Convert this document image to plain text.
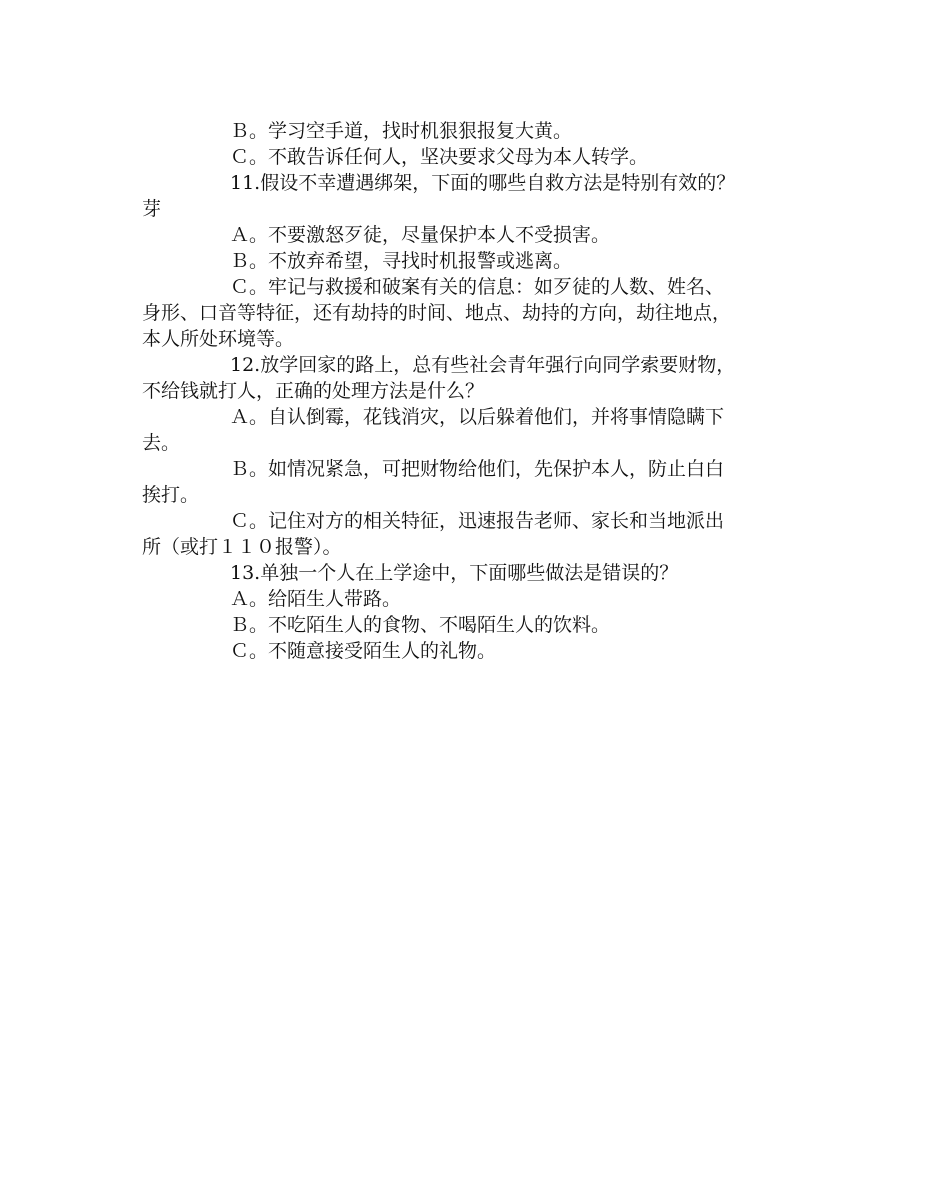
Ｂ。学习空手道，找时机狠狠报复大黄。
Ｃ。不敢告诉任何人，坚决要求父母为本人转学。
11.假设不幸遭遇绑架，下面的哪些自救方法是特别有效的？
芽
Ａ。不要激怒歹徒，尽量保护本人不受损害。
Ｂ。不放弃希望，寻找时机报警或逃离。
Ｃ。牢记与救援和破案有关的信息：如歹徒的人数、姓名、
身形、口音等特征，还有劫持的时间、地点、劫持的方向，劫往地点，
本人所处环境等。
12.放学回家的路上，总有些社会青年强行向同学索要财物，
不给钱就打人，正确的处理方法是什么？
Ａ。自认倒霉，花钱消灾，以后躲着他们，并将事情隐瞒下
去。
Ｂ。如情况紧急，可把财物给他们，先保护本人，防止白白
挨打。
Ｃ。记住对方的相关特征，迅速报告老师、家长和当地派出
所（或打１１０报警）。
13.单独一个人在上学途中，下面哪些做法是错误的？
Ａ。给陌生人带路。
Ｂ。不吃陌生人的食物、不喝陌生人的饮料。
Ｃ。不随意接受陌生人的礼物。
